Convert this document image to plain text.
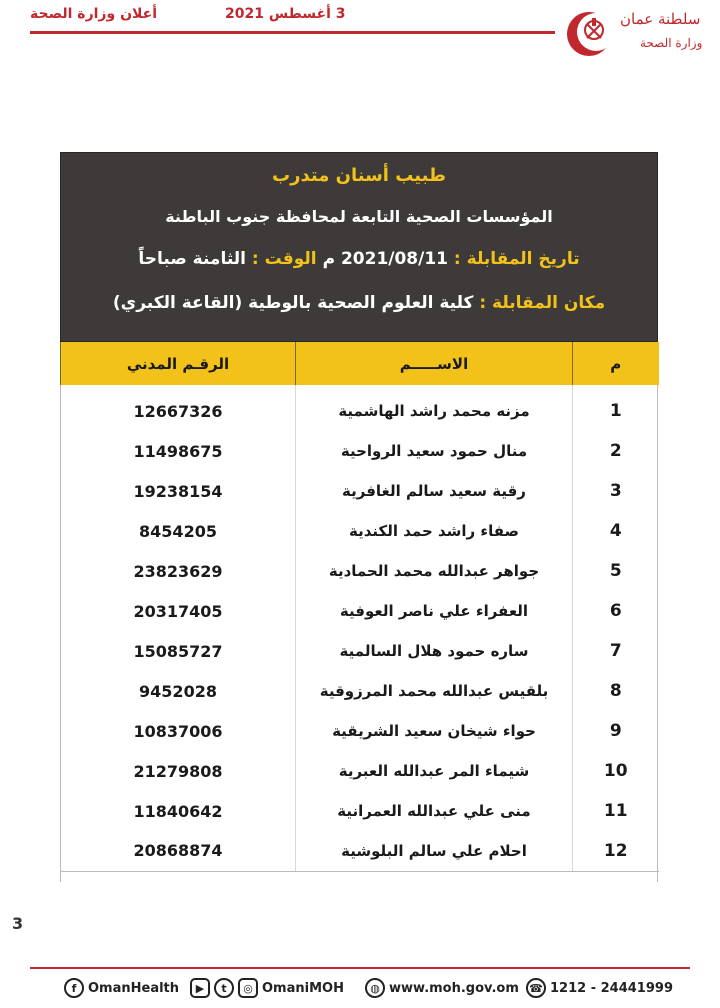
أعلان وزارة الصحة	3 أغسطس 2021	سلطنة عمان
وزارة الصحة
طبيب أسنان متدرب
المؤسسات الصحية التابعة لمحافظة جنوب الباطنة
تاريخ المقابلة : 2021/08/11 م الوقت : الثامنة صباحاً
مكان المقابلة : كلية العلوم الصحية بالوطية (القاعة الكبري)
الرقـم المدني	الاســـــم	م

12667326	مزنه محمد راشد الهاشمية	1
11498675	منال حمود سعيد الرواحية	2
19238154	رقية سعيد سالم الغافرية	3
8454205	صفاء راشد حمد الكندية	4
23823629	جواهر عبدالله محمد الحمادية	5
20317405	العفراء علي ناصر العوفية	6
15085727	ساره حمود هلال السالمية	7
9452028	بلقيس عبدالله محمد المرزوقية	8
10837006	حواء شيخان سعيد الشريقية	9
21279808	شيماء المر عبدالله العبرية	10
11840642	منى علي عبدالله العمرانية	11
20868874	احلام علي سالم البلوشية	12
3
f OmanHealth	▶	t	◎ OmaniMOH	◍ www.moh.gov.om ☎ 1212 - 24441999
